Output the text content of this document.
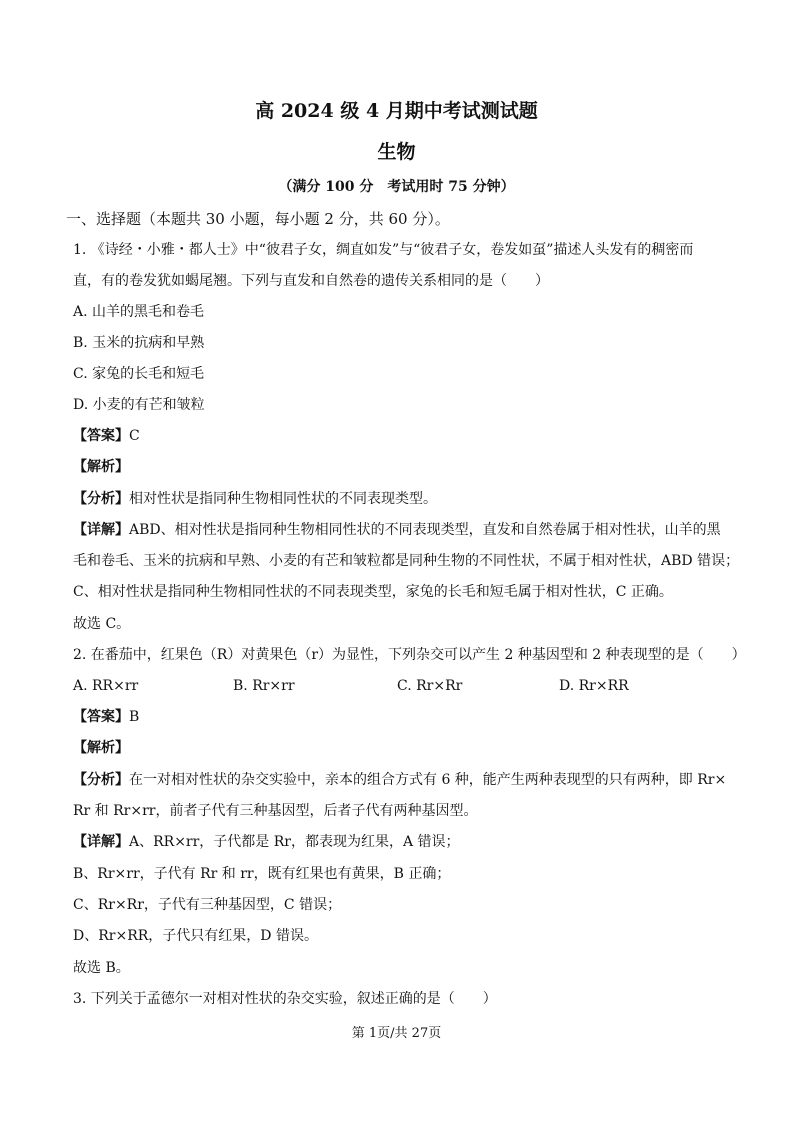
高 2024 级 4 月期中考试测试题
生物
（满分 100 分　考试用时 75 分钟）
一、选择题（本题共 30 小题，每小题 2 分，共 60 分）。
1. 《诗经・小雅・都人士》中“彼君子女，绸直如发”与“彼君子女，卷发如虿”描述人头发有的稠密而
直，有的卷发犹如蝎尾翘。下列与直发和自然卷的遗传关系相同的是（　　）
A. 山羊的黑毛和卷毛
B. 玉米的抗病和早熟
C. 家兔的长毛和短毛
D. 小麦的有芒和皱粒
【答案】C
【解析】
【分析】相对性状是指同种生物相同性状的不同表现类型。
【详解】ABD、相对性状是指同种生物相同性状的不同表现类型，直发和自然卷属于相对性状，山羊的黑
毛和卷毛、玉米的抗病和早熟、小麦的有芒和皱粒都是同种生物的不同性状，不属于相对性状，ABD 错误；
C、相对性状是指同种生物相同性状的不同表现类型，家兔的长毛和短毛属于相对性状，C 正确。
故选 C。
2. 在番茄中，红果色（R）对黄果色（r）为显性，下列杂交可以产生 2 种基因型和 2 种表现型的是（　　）
A. RR×rr	B. Rr×rr	C. Rr×Rr	D. Rr×RR
【答案】B
【解析】
【分析】在一对相对性状的杂交实验中，亲本的组合方式有 6 种，能产生两种表现型的只有两种，即 Rr×
Rr 和 Rr×rr，前者子代有三种基因型，后者子代有两种基因型。
【详解】A、RR×rr，子代都是 Rr，都表现为红果，A 错误；
B、Rr×rr，子代有 Rr 和 rr，既有红果也有黄果，B 正确；
C、Rr×Rr，子代有三种基因型，C 错误；
D、Rr×RR，子代只有红果，D 错误。
故选 B。
3. 下列关于孟德尔一对相对性状的杂交实验，叙述正确的是（　　）
第 1页/共 27页
